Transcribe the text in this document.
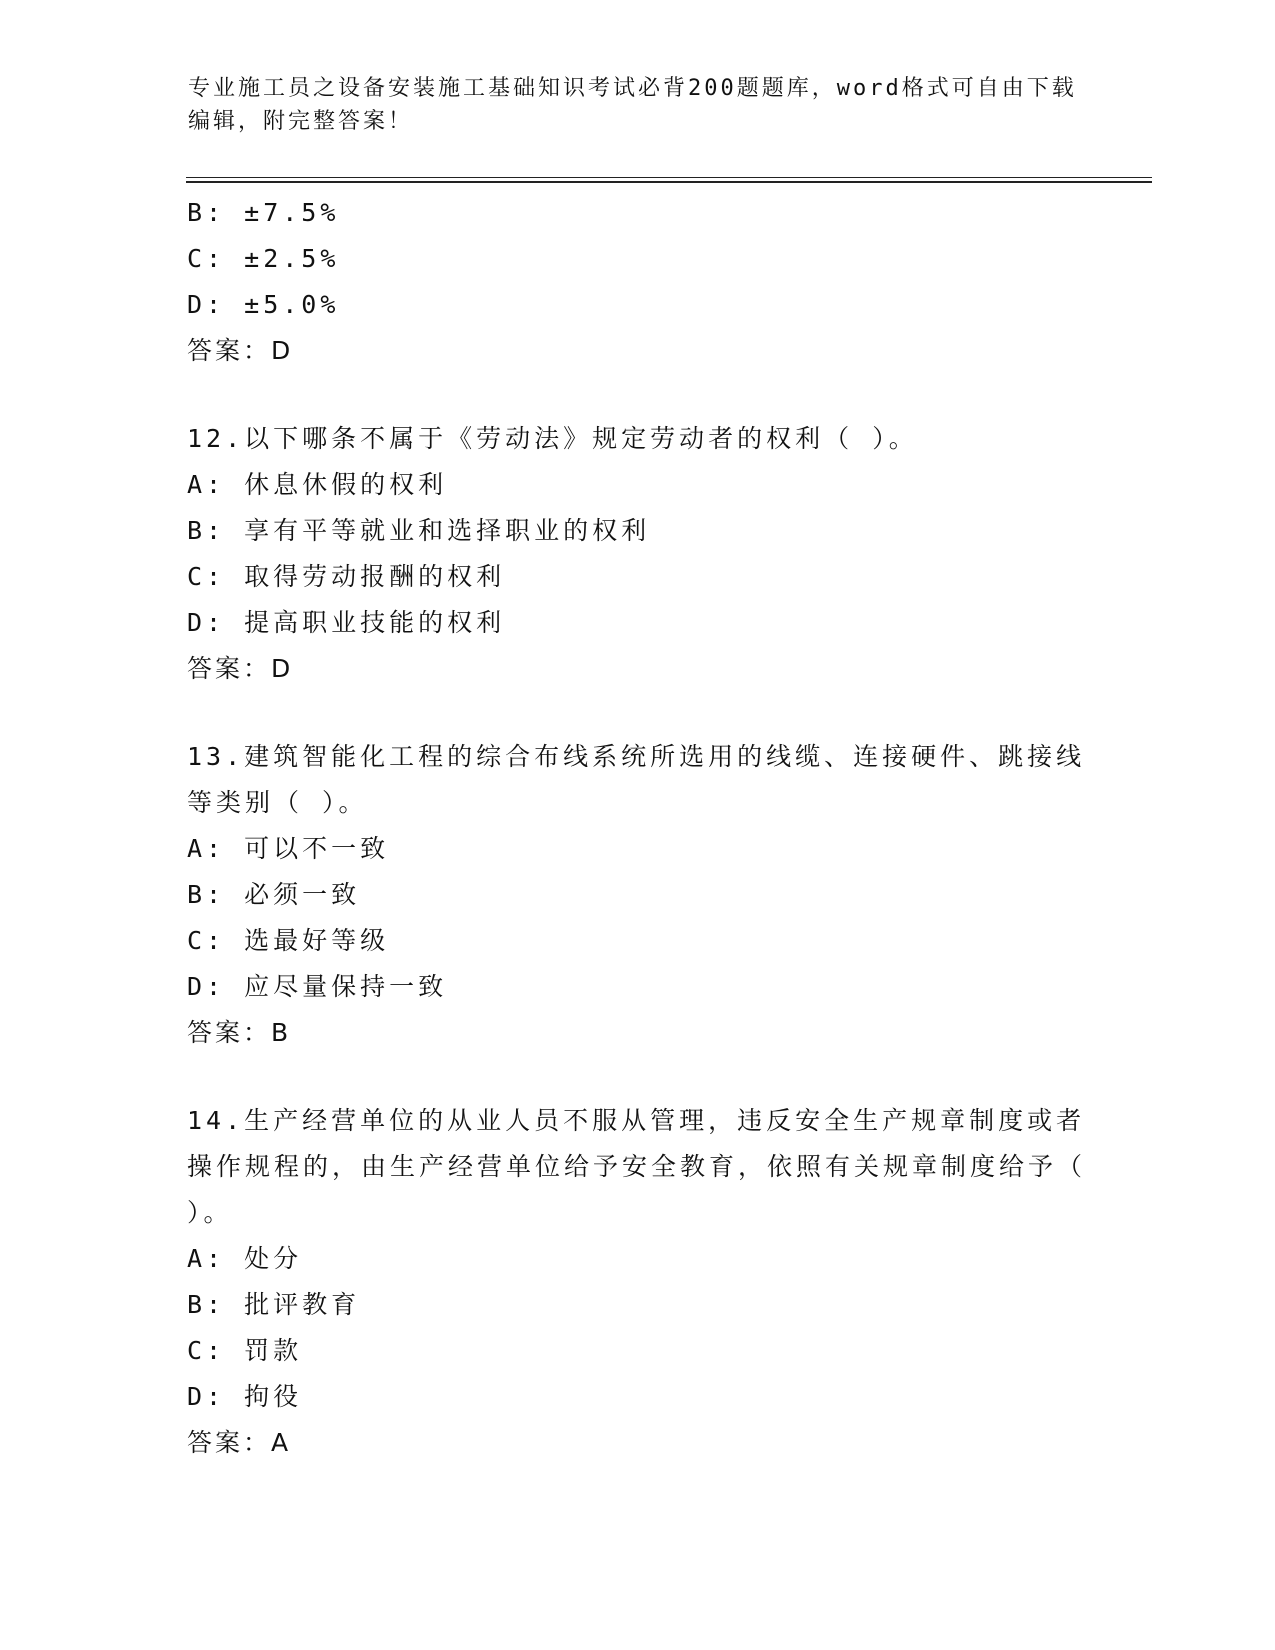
专业施工员之设备安装施工基础知识考试必背200题题库，word格式可自由下载
编辑，附完整答案！
B: ±7.5%
C: ±2.5%
D: ±5.0%
答案：D
12.以下哪条不属于《劳动法》规定劳动者的权利（ ）。
A: 休息休假的权利
B: 享有平等就业和选择职业的权利
C: 取得劳动报酬的权利
D: 提高职业技能的权利
答案：D
13.建筑智能化工程的综合布线系统所选用的线缆、连接硬件、跳接线等类别（ ）。
A: 可以不一致
B: 必须一致
C: 选最好等级
D: 应尽量保持一致
答案：B
14.生产经营单位的从业人员不服从管理，违反安全生产规章制度或者操作规程的，由生产经营单位给予安全教育，依照有关规章制度给予（ ）。
A: 处分
B: 批评教育
C: 罚款
D: 拘役
答案：A
